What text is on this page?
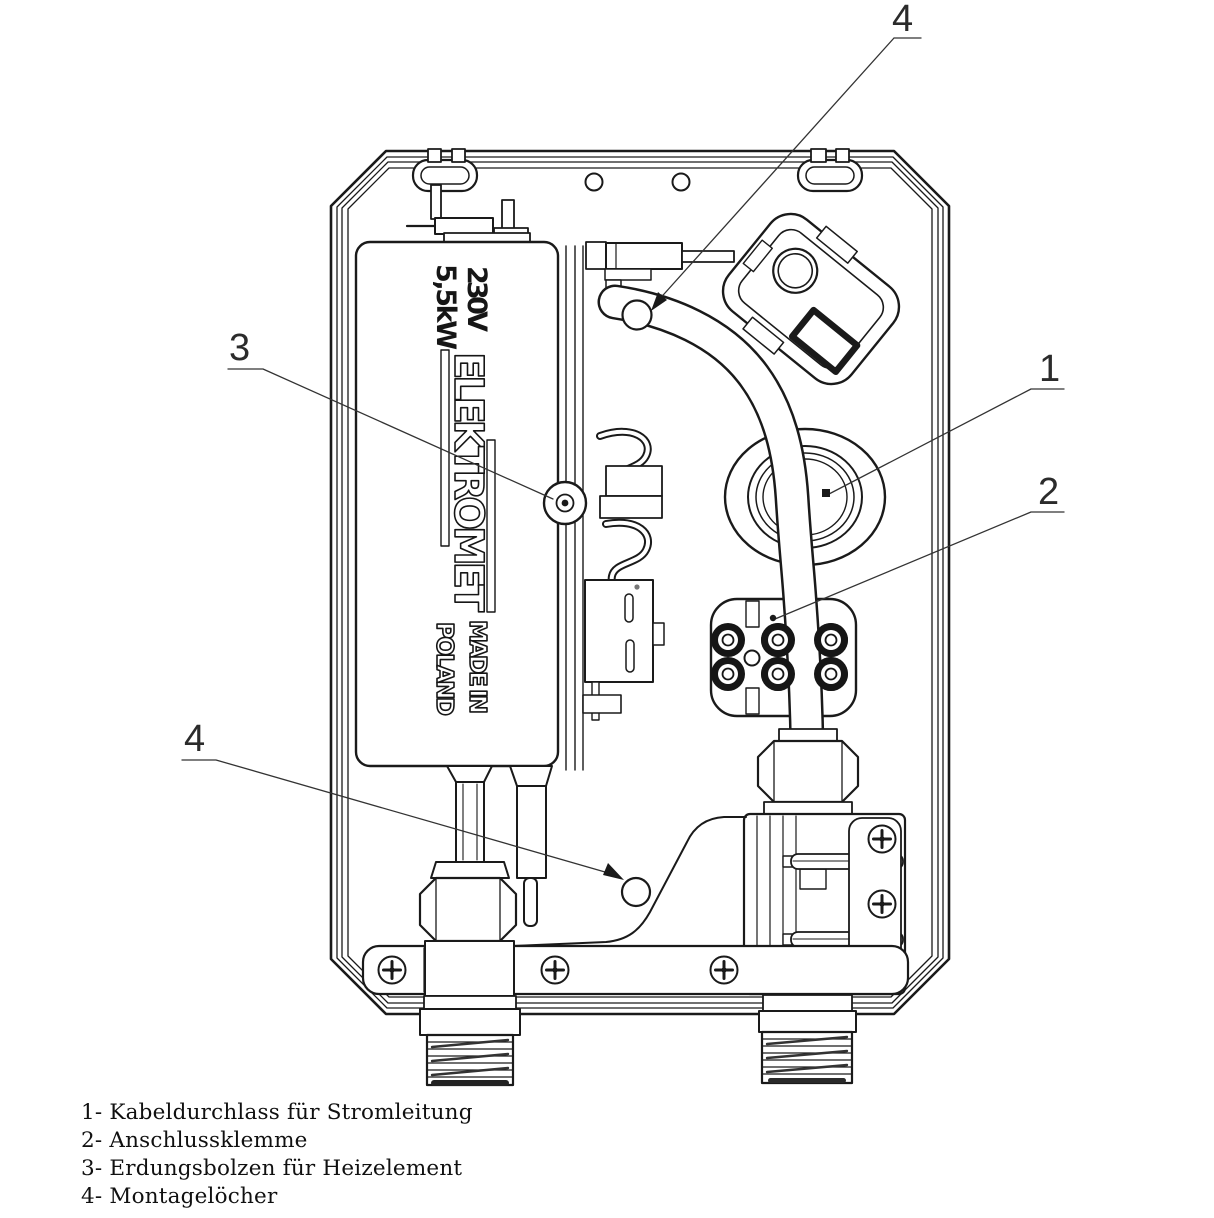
230V
5,5kW
ELEKTROMET
MADE IN
POLAND
4
3	1
2
4
1- Kabeldurchlass für Stromleitung
2- Anschlussklemme
3- Erdungsbolzen für Heizelement
4- Montagelöcher
